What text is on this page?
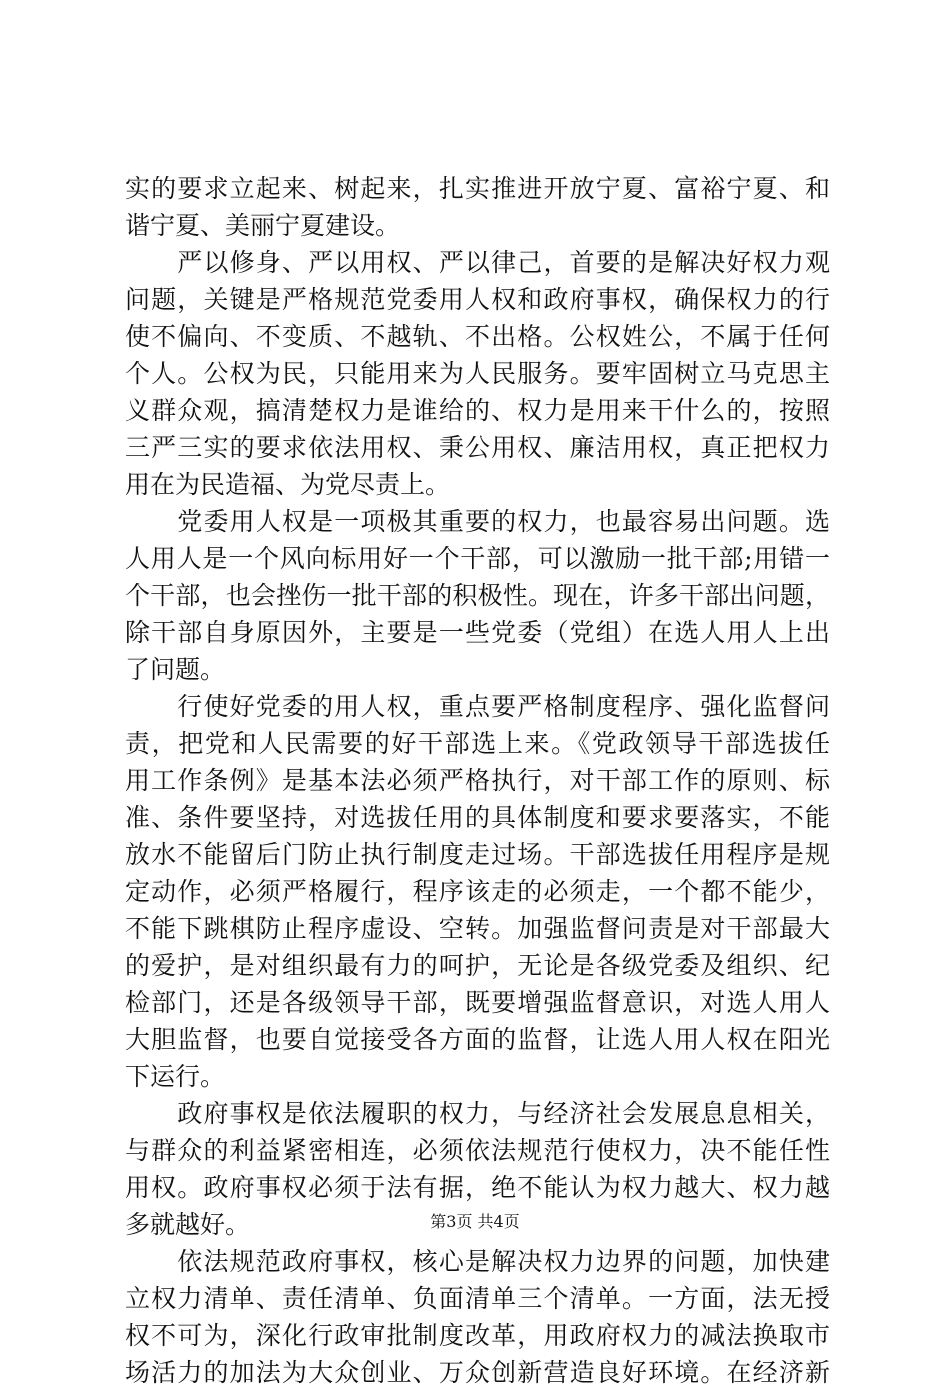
实的要求立起来、树起来，扎实推进开放宁夏、富裕宁夏、和
谐宁夏、美丽宁夏建设。
　　严以修身、严以用权、严以律己，首要的是解决好权力观
问题，关键是严格规范党委用人权和政府事权，确保权力的行
使不偏向、不变质、不越轨、不出格。公权姓公，不属于任何
个人。公权为民，只能用来为人民服务。要牢固树立马克思主
义群众观，搞清楚权力是谁给的、权力是用来干什么的，按照
三严三实的要求依法用权、秉公用权、廉洁用权，真正把权力
用在为民造福、为党尽责上。
　　党委用人权是一项极其重要的权力，也最容易出问题。选
人用人是一个风向标用好一个干部，可以激励一批干部;用错一
个干部，也会挫伤一批干部的积极性。现在，许多干部出问题，
除干部自身原因外，主要是一些党委（党组）在选人用人上出
了问题。
　　行使好党委的用人权，重点要严格制度程序、强化监督问
责，把党和人民需要的好干部选上来。《党政领导干部选拔任
用工作条例》是基本法必须严格执行，对干部工作的原则、标
准、条件要坚持，对选拔任用的具体制度和要求要落实，不能
放水不能留后门防止执行制度走过场。干部选拔任用程序是规
定动作，必须严格履行，程序该走的必须走，一个都不能少，
不能下跳棋防止程序虚设、空转。加强监督问责是对干部最大
的爱护，是对组织最有力的呵护，无论是各级党委及组织、纪
检部门，还是各级领导干部，既要增强监督意识，对选人用人
大胆监督，也要自觉接受各方面的监督，让选人用人权在阳光
下运行。
　　政府事权是依法履职的权力，与经济社会发展息息相关，
与群众的利益紧密相连，必须依法规范行使权力，决不能任性
用权。政府事权必须于法有据，绝不能认为权力越大、权力越
多就越好。
　　依法规范政府事权，核心是解决权力边界的问题，加快建
立权力清单、责任清单、负面清单三个清单。一方面，法无授
权不可为，深化行政审批制度改革，用政府权力的减法换取市
场活力的加法为大众创业、万众创新营造良好环境。在经济新
第3页 共4页
